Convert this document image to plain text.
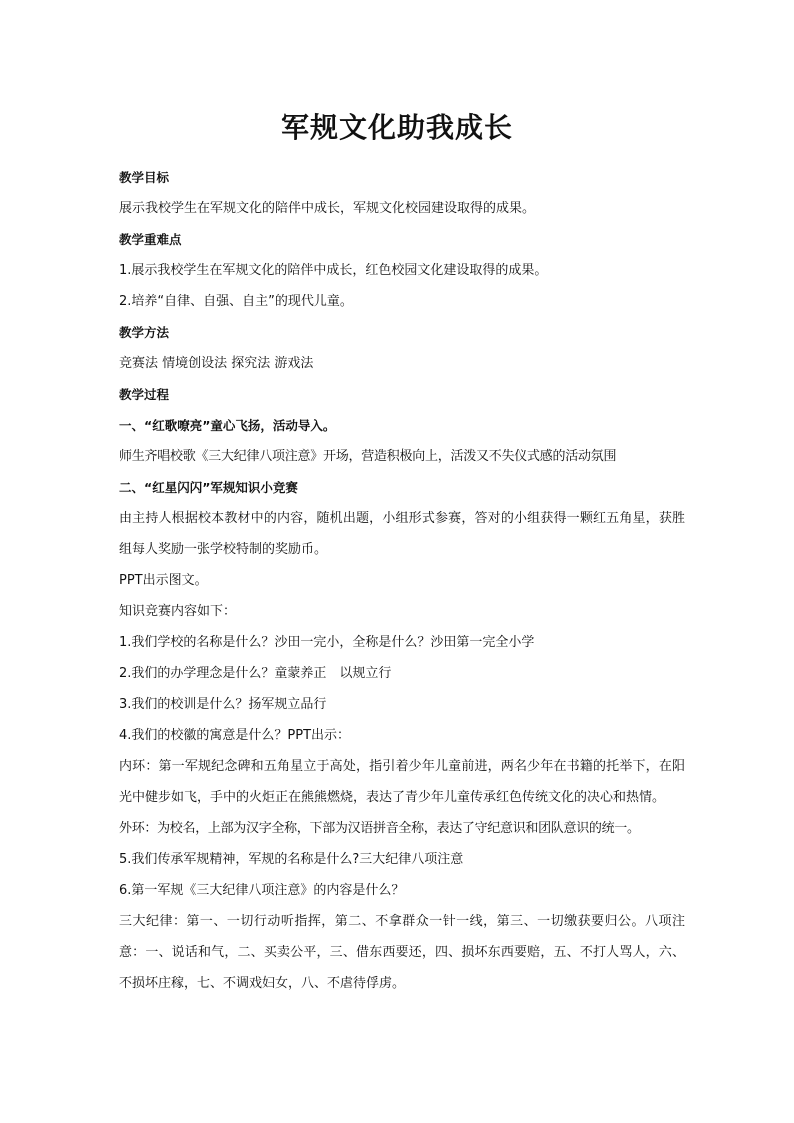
军规文化助我成长

教学目标

展示我校学生在军规文化的陪伴中成长，军规文化校园建设取得的成果。

教学重难点

1.展示我校学生在军规文化的陪伴中成长，红色校园文化建设取得的成果。

2.培养“自律、自强、自主”的现代儿童。

教学方法

竞赛法 情境创设法 探究法 游戏法

教学过程

一、“红歌嘹亮”童心飞扬，活动导入。

师生齐唱校歌《三大纪律八项注意》开场，营造积极向上，活泼又不失仪式感的活动氛围

二、“红星闪闪”军规知识小竞赛

由主持人根据校本教材中的内容，随机出题，小组形式参赛，答对的小组获得一颗红五角星，获胜组每人奖励一张学校特制的奖励币。

PPT出示图文。

知识竞赛内容如下：

1.我们学校的名称是什么？沙田一完小，全称是什么？沙田第一完全小学

2.我们的办学理念是什么？童蒙养正　以规立行

3.我们的校训是什么？扬军规立品行

4.我们的校徽的寓意是什么？PPT出示：

内环：第一军规纪念碑和五角星立于高处，指引着少年儿童前进，两名少年在书籍的托举下，在阳光中健步如飞，手中的火炬正在熊熊燃烧，表达了青少年儿童传承红色传统文化的决心和热情。

外环：为校名，上部为汉字全称，下部为汉语拼音全称，表达了守纪意识和团队意识的统一。

5.我们传承军规精神，军规的名称是什么?三大纪律八项注意

6.第一军规《三大纪律八项注意》的内容是什么？

三大纪律：第一、一切行动听指挥，第二、不拿群众一针一线，第三、一切缴获要归公。八项注意：一、说话和气，二、买卖公平，三、借东西要还，四、损坏东西要赔，五、不打人骂人，六、不损坏庄稼，七、不调戏妇女，八、不虐待俘虏。
